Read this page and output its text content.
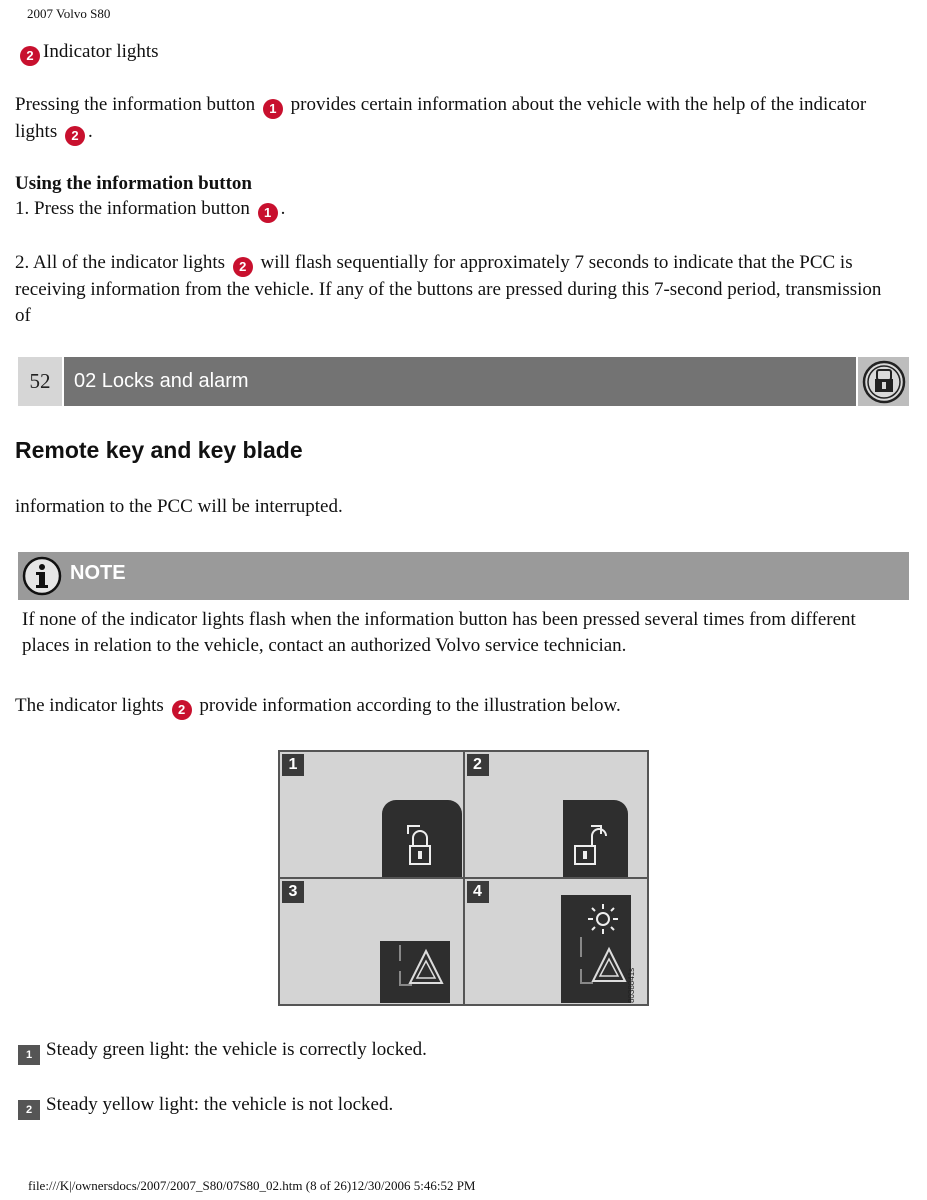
2007 Volvo S80
2 Indicator lights
Pressing the information button 1 provides certain information about the vehicle with the help of the indicator lights 2 .
Using the information button
1. Press the information button 1 .
2. All of the indicator lights 2 will flash sequentially for approximately 7 seconds to indicate that the PCC is receiving information from the vehicle. If any of the buttons are pressed during this 7-second period, transmission of
52	02 Locks and alarm
Remote key and key blade
information to the PCC will be interrupted.
NOTE
If none of the indicator lights flash when the information button has been pressed several times from different places in relation to the vehicle, contact an authorized Volvo service technician.
The indicator lights 2 provide information according to the illustration below.
1	2
3	4
8038841s
1 Steady green light: the vehicle is correctly locked.
2 Steady yellow light: the vehicle is not locked.
file:///K|/ownersdocs/2007/2007_S80/07S80_02.htm (8 of 26)12/30/2006 5:46:52 PM
